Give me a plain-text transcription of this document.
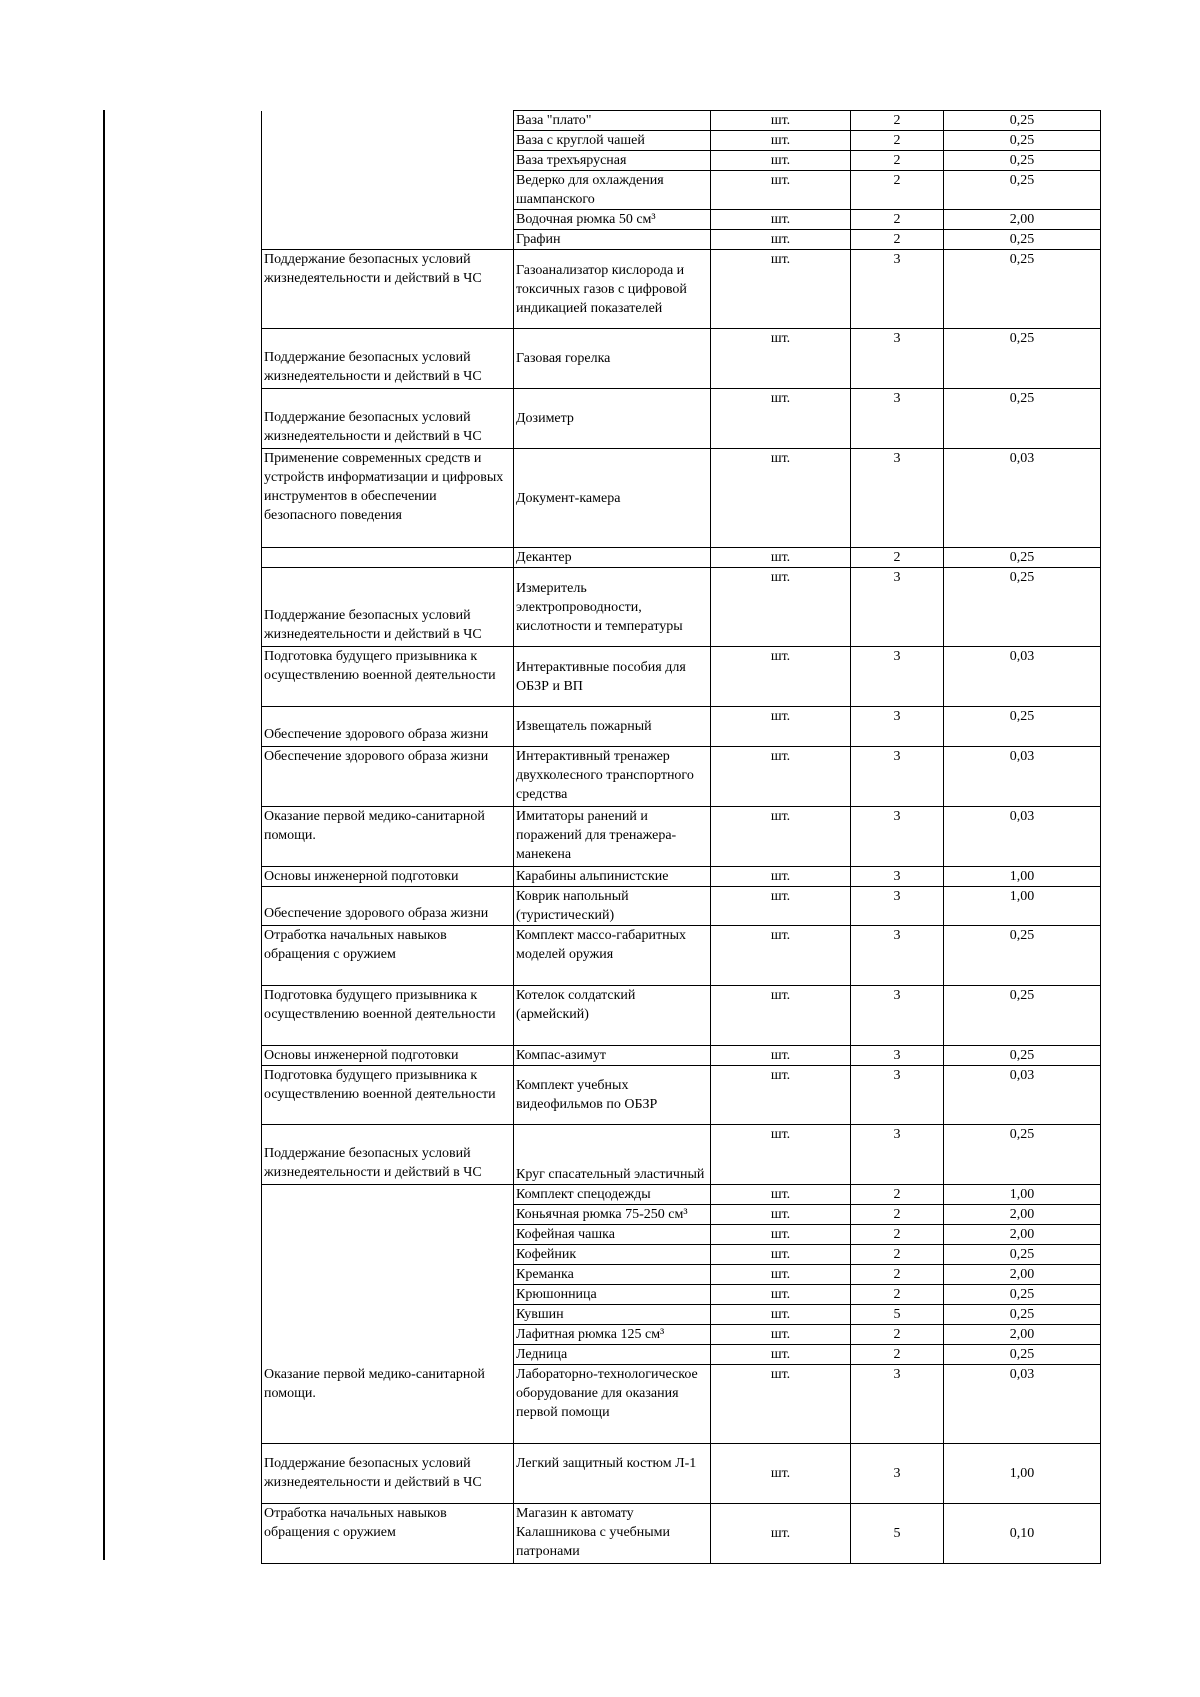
	Ваза "плато"	шт.	2	0,25
	Ваза с круглой чашей	шт.	2	0,25
	Ваза трехъярусная	шт.	2	0,25
	Ведерко для охлаждения шампанского	шт.	2	0,25
	Водочная рюмка 50 см³	шт.	2	2,00
	Графин	шт.	2	0,25
Поддержание безопасных условий жизнедеятельности и действий в ЧС	Газоанализатор кислорода и токсичных газов с цифровой индикацией показателей	шт.	3	0,25
Поддержание безопасных условий жизнедеятельности и действий в ЧС	Газовая горелка	шт.	3	0,25
Поддержание безопасных условий жизнедеятельности и действий в ЧС	Дозиметр	шт.	3	0,25
Применение современных средств и устройств информатизации и цифровых инструментов в обеспечении безопасного поведения	Документ-камера	шт.	3	0,03
	Декантер	шт.	2	0,25
Поддержание безопасных условий жизнедеятельности и действий в ЧС	Измеритель электропроводности, кислотности и температуры	шт.	3	0,25
Подготовка будущего призывника к осуществлению военной деятельности	Интерактивные пособия для ОБЗР и ВП	шт.	3	0,03
Обеспечение здорового образа жизни	Извещатель пожарный	шт.	3	0,25
Обеспечение здорового образа жизни	Интерактивный тренажер двухколесного транспортного средства	шт.	3	0,03
Оказание первой медико-санитарной помощи.	Имитаторы ранений и поражений для тренажера-манекена	шт.	3	0,03
Основы инженерной подготовки	Карабины альпинистские	шт.	3	1,00
Обеспечение здорового образа жизни	Коврик напольный (туристический)	шт.	3	1,00
Отработка начальных навыков обращения с оружием	Комплект массо-габаритных моделей оружия	шт.	3	0,25
Подготовка будущего призывника к осуществлению военной деятельности	Котелок солдатский (армейский)	шт.	3	0,25
Основы инженерной подготовки	Компас-азимут	шт.	3	0,25
Подготовка будущего призывника к осуществлению военной деятельности	Комплект учебных видеофильмов по ОБЗР	шт.	3	0,03
Поддержание безопасных условий жизнедеятельности и действий в ЧС	Круг спасательный эластичный	шт.	3	0,25
	Комплект спецодежды	шт.	2	1,00
	Коньячная рюмка 75-250 см³	шт.	2	2,00
	Кофейная чашка	шт.	2	2,00
	Кофейник	шт.	2	0,25
	Креманка	шт.	2	2,00
	Крюшонница	шт.	2	0,25
	Кувшин	шт.	5	0,25
	Лафитная рюмка 125 см³	шт.	2	2,00
	Ледница	шт.	2	0,25
Оказание первой медико-санитарной помощи.	Лабораторно-технологическое оборудование для оказания первой помощи	шт.	3	0,03
Поддержание безопасных условий жизнедеятельности и действий в ЧС	Легкий защитный костюм Л-1	шт.	3	1,00
Отработка начальных навыков обращения с оружием	Магазин к автомату Калашникова с учебными патронами	шт.	5	0,10
